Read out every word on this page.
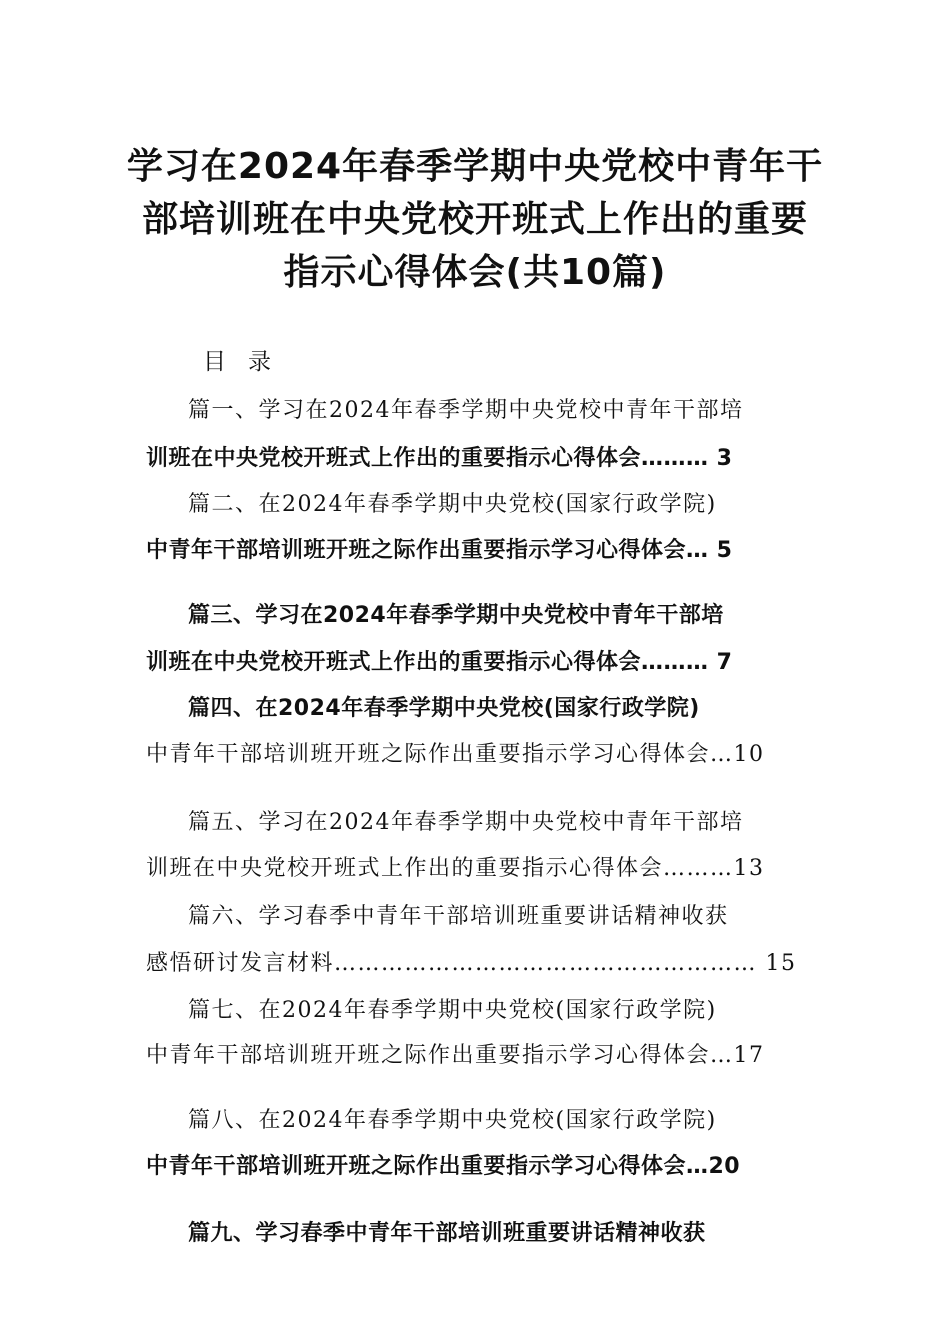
学习在2024年春季学期中央党校中青年干
部培训班在中央党校开班式上作出的重要
指示心得体会(共10篇)
目录
篇一、学习在2024年春季学期中央党校中青年干部培
训班在中央党校开班式上作出的重要指示心得体会……… 3
篇二、在2024年春季学期中央党校(国家行政学院)
中青年干部培训班开班之际作出重要指示学习心得体会… 5
篇三、学习在2024年春季学期中央党校中青年干部培
训班在中央党校开班式上作出的重要指示心得体会……… 7
篇四、在2024年春季学期中央党校(国家行政学院)
中青年干部培训班开班之际作出重要指示学习心得体会…10
篇五、学习在2024年春季学期中央党校中青年干部培
训班在中央党校开班式上作出的重要指示心得体会………13
篇六、学习春季中青年干部培训班重要讲话精神收获
感悟研讨发言材料……………………………………………… 15
篇七、在2024年春季学期中央党校(国家行政学院)
中青年干部培训班开班之际作出重要指示学习心得体会…17
篇八、在2024年春季学期中央党校(国家行政学院)
中青年干部培训班开班之际作出重要指示学习心得体会…20
篇九、学习春季中青年干部培训班重要讲话精神收获
